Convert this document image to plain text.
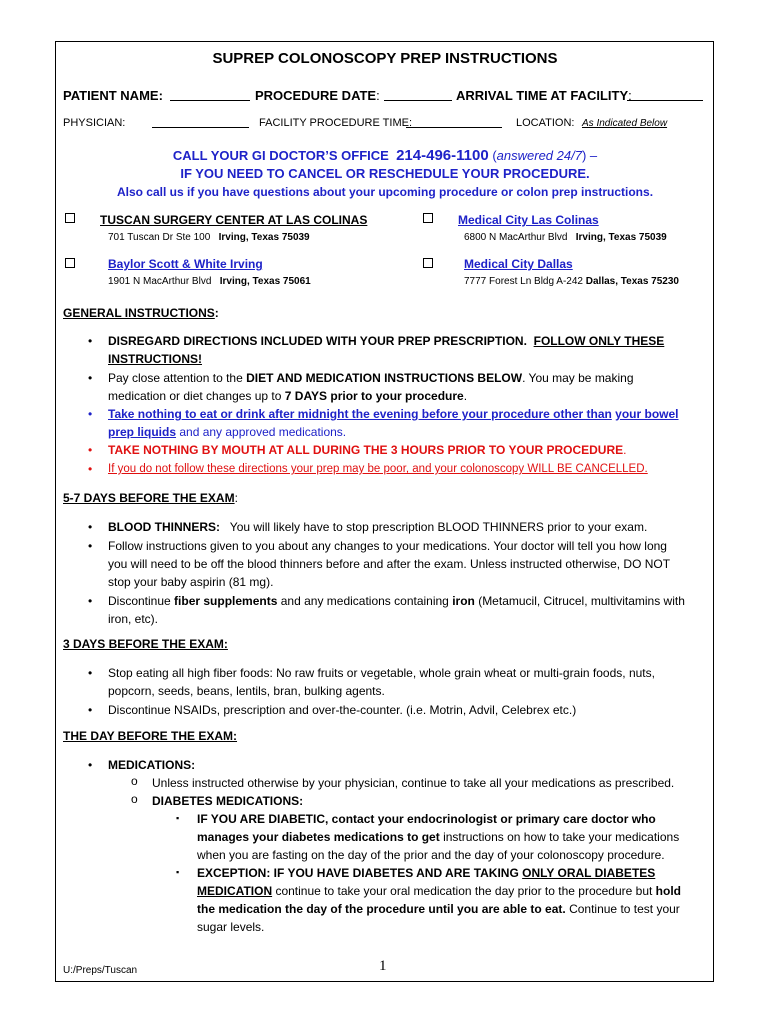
SUPREP COLONOSCOPY PREP INSTRUCTIONS
PATIENT NAME:	PROCEDURE DATE:	ARRIVAL TIME AT FACILITY:
PHYSICIAN:	FACILITY PROCEDURE TIME:	LOCATION: As Indicated Below
CALL YOUR GI DOCTOR’S OFFICE 214-496-1100 (answered 24/7) –
IF YOU NEED TO CANCEL OR RESCHEDULE YOUR PROCEDURE.
Also call us if you have questions about your upcoming procedure or colon prep instructions.
TUSCAN SURGERY CENTER AT LAS COLINAS
701 Tuscan Dr Ste 100 Irving, Texas 75039
Medical City Las Colinas
6800 N MacArthur Blvd Irving, Texas 75039
Baylor Scott & White Irving
1901 N MacArthur Blvd Irving, Texas 75061
Medical City Dallas
7777 Forest Ln Bldg A-242 Dallas, Texas 75230
GENERAL INSTRUCTIONS:
• DISREGARD DIRECTIONS INCLUDED WITH YOUR PREP PRESCRIPTION. FOLLOW ONLY THESE
INSTRUCTIONS!
• Pay close attention to the DIET AND MEDICATION INSTRUCTIONS BELOW. You may be making
medication or diet changes up to 7 DAYS prior to your procedure.
• Take nothing to eat or drink after midnight the evening before your procedure other than your bowel
prep liquids and any approved medications.
• TAKE NOTHING BY MOUTH AT ALL DURING THE 3 HOURS PRIOR TO YOUR PROCEDURE.
• If you do not follow these directions your prep may be poor, and your colonoscopy WILL BE CANCELLED.
5-7 DAYS BEFORE THE EXAM:
• BLOOD THINNERS: You will likely have to stop prescription BLOOD THINNERS prior to your exam.
• Follow instructions given to you about any changes to your medications. Your doctor will tell you how long
you will need to be off the blood thinners before and after the exam. Unless instructed otherwise, DO NOT
stop your baby aspirin (81 mg).
• Discontinue fiber supplements and any medications containing iron (Metamucil, Citrucel, multivitamins with
iron, etc).
3 DAYS BEFORE THE EXAM:
• Stop eating all high fiber foods: No raw fruits or vegetable, whole grain wheat or multi-grain foods, nuts,
popcorn, seeds, beans, lentils, bran, bulking agents.
• Discontinue NSAIDs, prescription and over-the-counter. (i.e. Motrin, Advil, Celebrex etc.)
THE DAY BEFORE THE EXAM:
• MEDICATIONS:
o Unless instructed otherwise by your physician, continue to take all your medications as prescribed.
o DIABETES MEDICATIONS:
▪ IF YOU ARE DIABETIC, contact your endocrinologist or primary care doctor who
manages your diabetes medications to get instructions on how to take your medications
when you are fasting on the day of the prior and the day of your colonoscopy procedure.
▪ EXCEPTION: IF YOU HAVE DIABETES AND ARE TAKING ONLY ORAL DIABETES
MEDICATION continue to take your oral medication the day prior to the procedure but hold
the medication the day of the procedure until you are able to eat. Continue to test your
sugar levels.
U:/Preps/Tuscan	1
